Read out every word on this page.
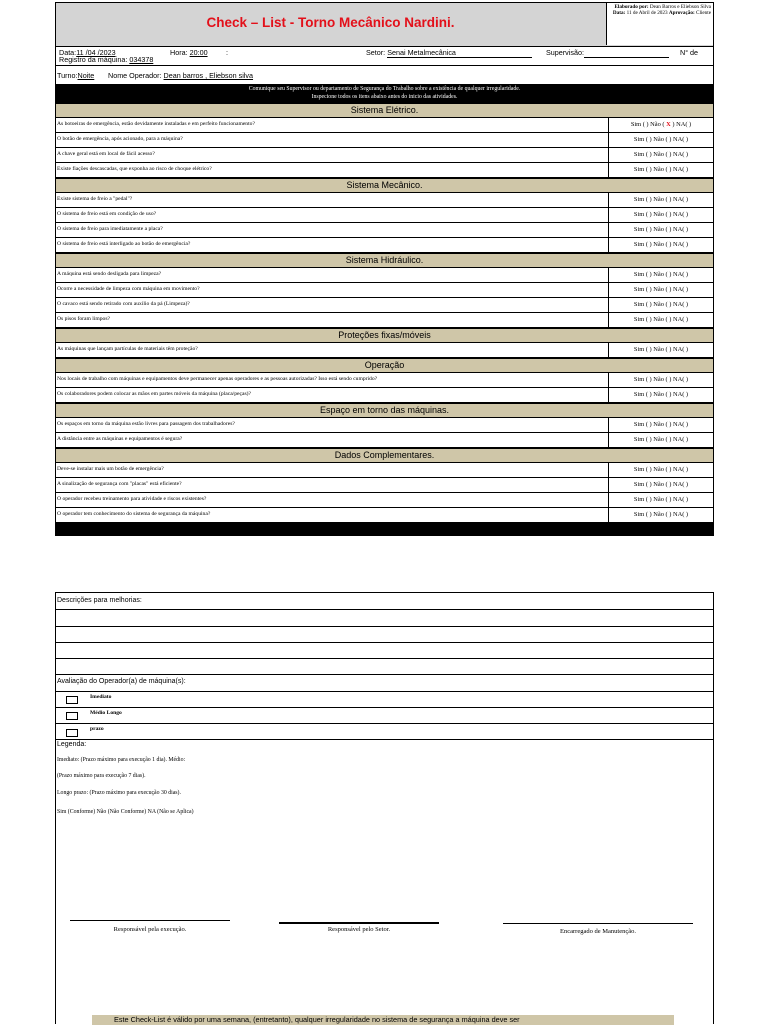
Check – List - Torno Mecânico Nardini.
Elaborado por: Dean Barros e Eliebson Silva
Data: 11 de Abril de 2023 Aprovação: Cliente
Data:11 /04 /2023	Hora: 20:00	:	Setor: Senai Metalmecânica	Supervisão:	N° de
Registro da máquina: 034378
Turno:Noite Nome Operador: Dean barros , Eliebson silva
Comunique seu Supervisor ou departamento de Segurança do Trabalho sobre a existência de qualquer irregularidade.
Inspecione todos os itens abaixo antes do inicio das atividades.
Sistema Elétrico.
As botoeiras de emergência, estão devidamente instaladas e em perfeito funcionamento?	Sim ( ) Não ( X ) NA( )
O botão de emergência, após acionado, para a máquina?	Sim ( ) Não ( ) NA( )
A chave geral está em local de fácil acesso?	Sim ( ) Não ( ) NA( )
Existe fiações descascadas, que exponha ao risco de choque elétrico?	Sim ( ) Não ( ) NA( )
Sistema Mecânico.
Existe sistema de freio a "pedal"?	Sim ( ) Não ( ) NA( )
O sistema de freio está em condição de uso?	Sim ( ) Não ( ) NA( )
O sistema de freio para imediatamente a placa?	Sim ( ) Não ( ) NA( )
O sistema de freio está interligado ao botão de emergência?	Sim ( ) Não ( ) NA( )
Sistema Hidráulico.
A máquina está sendo desligada para limpeza?	Sim ( ) Não ( ) NA( )
Ocorre a necessidade de limpeza com máquina em movimento?	Sim ( ) Não ( ) NA( )
O cavaco está sendo retirado com auxilio da pá (Limpeza)?	Sim ( ) Não ( ) NA( )
Os pisos foram limpos?	Sim ( ) Não ( ) NA( )
Proteções fixas/móveis
As máquinas que lançam partículas de materiais têm proteção?	Sim ( ) Não ( ) NA( )
Operação
Nos locais de trabalho com máquinas e equipamentos deve permanecer apenas operadores e as pessoas autorizadas? Isso está sendo cumprido?	Sim ( ) Não ( ) NA( )
Os colaboradores podem colocar as mãos em partes móveis da máquina (placa/peças)?	Sim ( ) Não ( ) NA( )
Espaço em torno das máquinas.
Os espaços em torno da máquina estão livres para passagem dos trabalhadores?	Sim ( ) Não ( ) NA( )
A distância entre as máquinas e equipamentos é segura?	Sim ( ) Não ( ) NA( )
Dados Complementares.
Deve-se instalar mais um botão de emergência?	Sim ( ) Não ( ) NA( )
A sinalização de segurança com "placas" está eficiente?	Sim ( ) Não ( ) NA( )
O operador recebeu treinamento para atividade e riscos existentes?	Sim ( ) Não ( ) NA( )
O operador tem conhecimento do sistema de segurança da máquina?	Sim ( ) Não ( ) NA( )
Descrições para melhorias:
Avaliação do Operador(a) de máquina(s):
Imediato
Médio Longo
prazo
Legenda:
Imediato: (Prazo máximo para execução 1 dia). Médio:
(Prazo máximo para execução 7 dias).
Longo prazo: (Prazo máximo para execução 30 dias).
Sim (Conforme) Não (Não Conforme) NA (Não se Aplica)
Responsável pela execução.	Responsável pelo Setor.	Encarregado de Manutenção.
Este Check-List é válido por uma semana, (entretanto), qualquer irregularidade no sistema de segurança a máquina deve ser
